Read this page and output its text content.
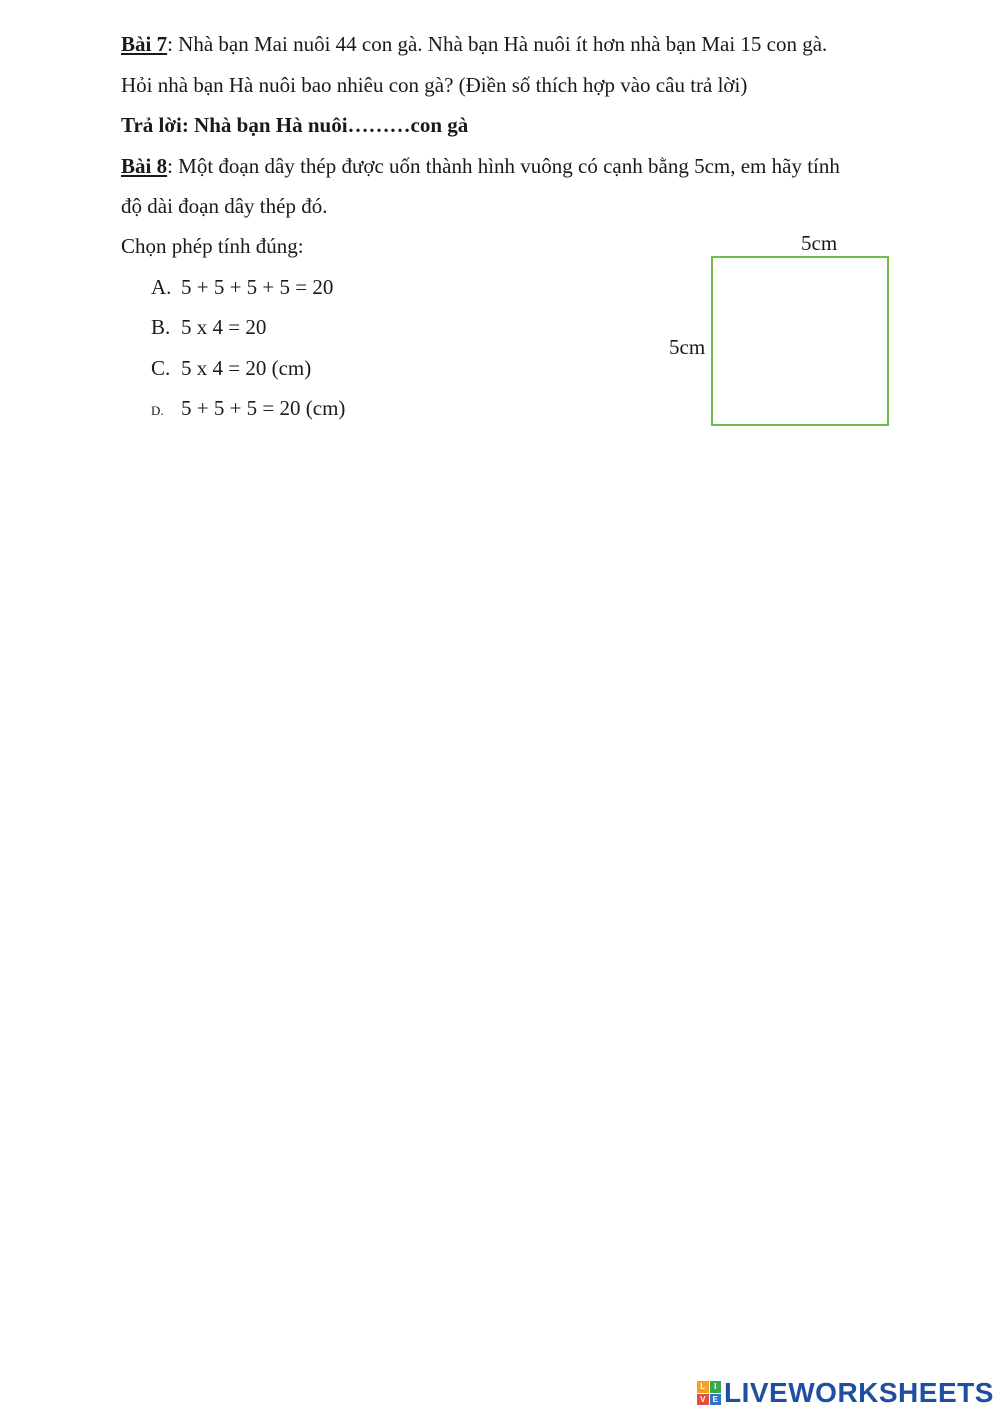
Bài 7: Nhà bạn Mai nuôi 44 con gà. Nhà bạn Hà nuôi ít hơn nhà bạn Mai 15 con gà.
Hỏi nhà bạn Hà nuôi bao nhiêu con gà? (Điền số thích hợp vào câu trả lời)
Trả lời: Nhà bạn Hà nuôi………con gà
Bài 8: Một đoạn dây thép được uốn thành hình vuông có cạnh bằng 5cm, em hãy tính
độ dài đoạn dây thép đó.
Chọn phép tính đúng:
A. 5 + 5 + 5 + 5 = 20
B. 5 x 4 = 20
C. 5 x 4 = 20 (cm)
D. 5 + 5 + 5 = 20 (cm)
5cm
5cm
L	I
V E LIVEWORKSHEETS
